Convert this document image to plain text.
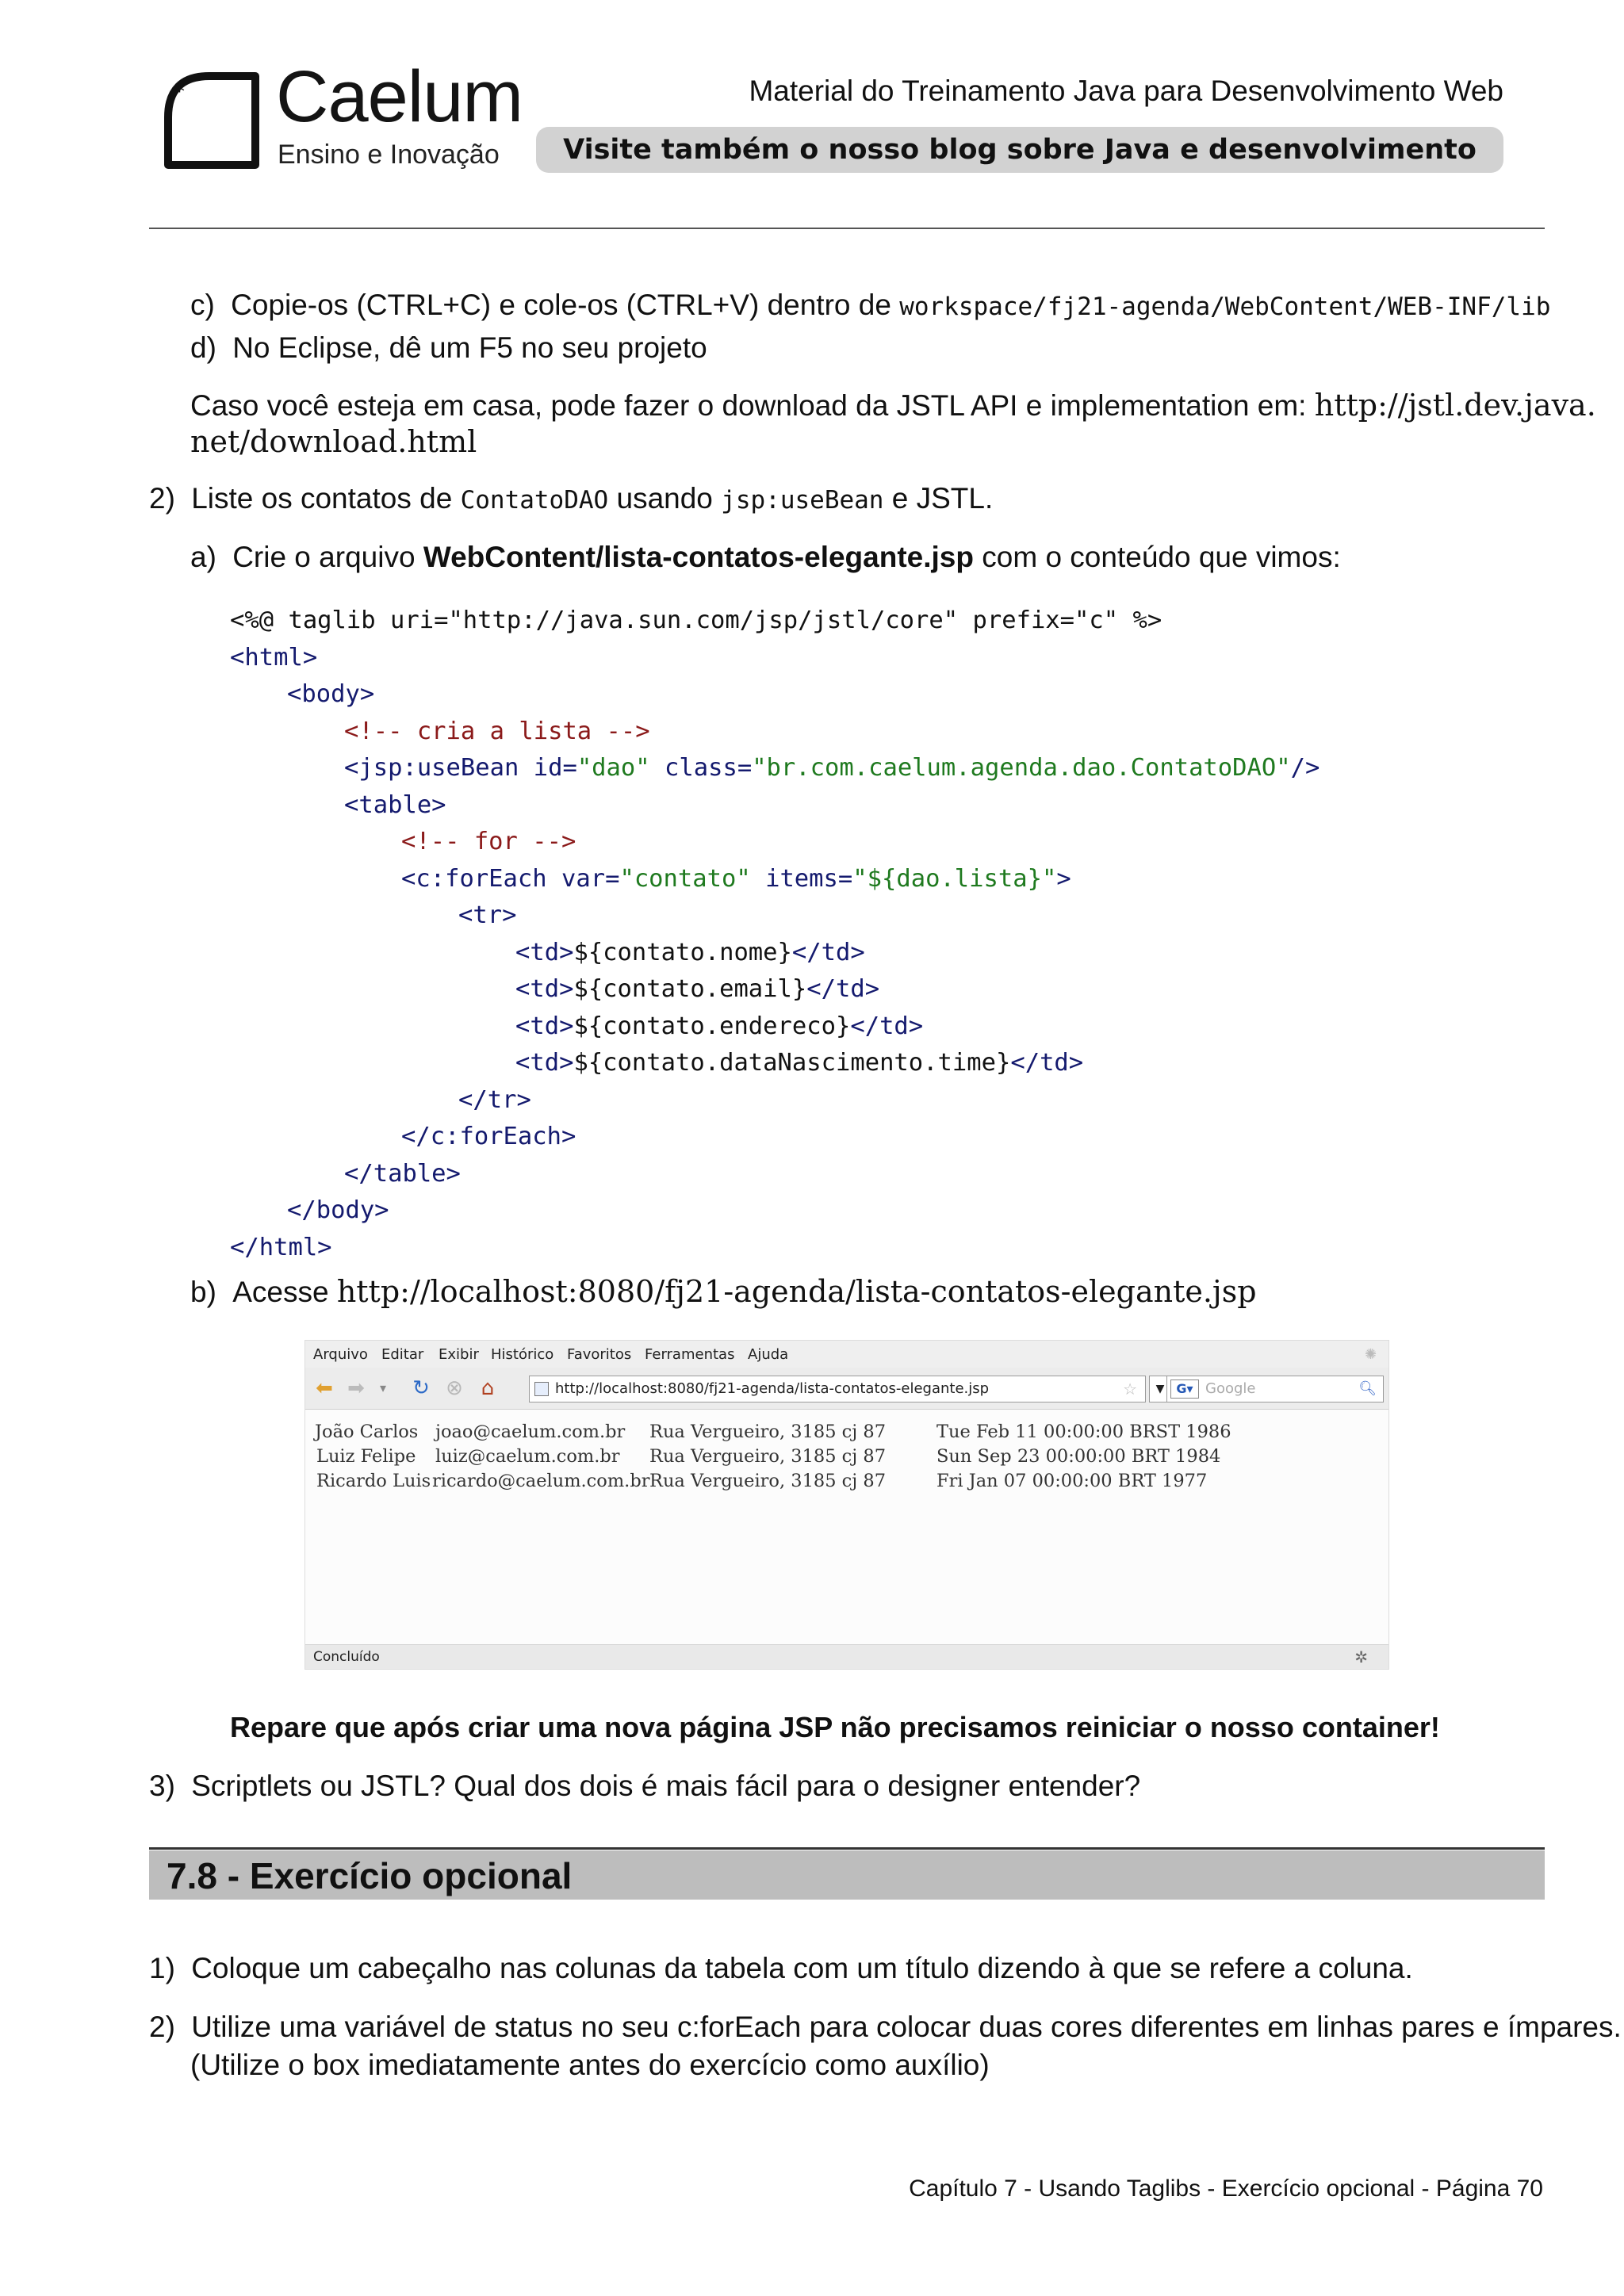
* Caelum
Ensino e Inovação
Material do Treinamento Java para Desenvolvimento Web
Visite também o nosso blog sobre Java e desenvolvimento
c) Copie-os (CTRL+C) e cole-os (CTRL+V) dentro de workspace/fj21-agenda/WebContent/WEB-INF/lib
d) No Eclipse, dê um F5 no seu projeto
Caso você esteja em casa, pode fazer o download da JSTL API e implementation em: http://jstl.dev.java.
net/download.html
2) Liste os contatos de ContatoDAO usando jsp:useBean e JSTL.
a) Crie o arquivo WebContent/lista-contatos-elegante.jsp com o conteúdo que vimos:
<%@ taglib uri="http://java.sun.com/jsp/jstl/core" prefix="c" %>
<html>
<body>
<!-- cria a lista -->
<jsp:useBean id="dao" class="br.com.caelum.agenda.dao.ContatoDAO"/>
<table>
<!-- for -->
<c:forEach var="contato" items="${dao.lista}">
<tr>
<td>${contato.nome}</td>
<td>${contato.email}</td>
<td>${contato.endereco}</td>
<td>${contato.dataNascimento.time}</td>
</tr>
</c:forEach>
</table>
</body>
</html>
b) Acesse http://localhost:8080/fj21-agenda/lista-contatos-elegante.jsp
Arquivo Editar Exibir Histórico Favoritos Ferramentas Ajuda	✺
⬅ ➡	▾	↻ ⊗ ⌂	http://localhost:8080/fj21-agenda/lista-contatos-elegante.jsp	☆	▼ G▾ Google	🔍︎
João Carlos joao@caelum.com.br Rua Vergueiro, 3185 cj 87	Tue Feb 11 00:00:00 BRST 1986
Luiz Felipe luiz@caelum.com.br Rua Vergueiro, 3185 cj 87	Sun Sep 23 00:00:00 BRT 1984
Ricardo Luis ricardo@caelum.com.br Rua Vergueiro, 3185 cj 87	Fri Jan 07 00:00:00 BRT 1977
Concluído	✲
Repare que após criar uma nova página JSP não precisamos reiniciar o nosso container!
3) Scriptlets ou JSTL? Qual dos dois é mais fácil para o designer entender?
7.8 - Exercício opcional
1) Coloque um cabeçalho nas colunas da tabela com um título dizendo à que se refere a coluna.
2) Utilize uma variável de status no seu c:forEach para colocar duas cores diferentes em linhas pares e ímpares.
(Utilize o box imediatamente antes do exercício como auxílio)
Capítulo 7 - Usando Taglibs - Exercício opcional - Página 70
